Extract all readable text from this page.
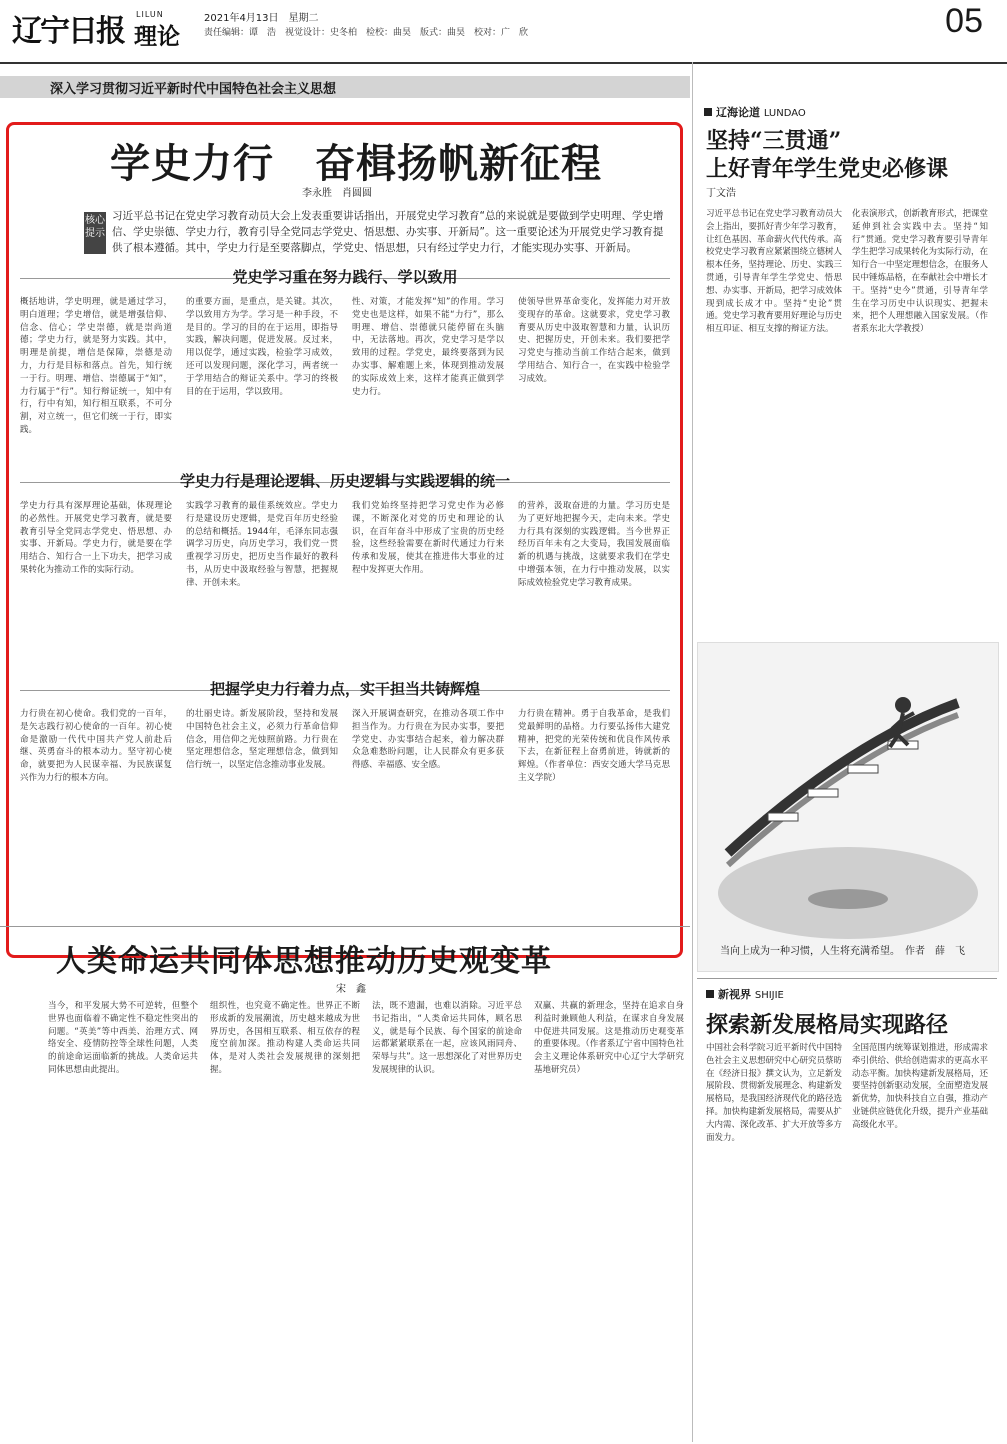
辽宁日报 LILUN
理论
2021年4月13日　星期二
责任编辑：谭　浩　视觉设计：史冬柏　检校：曲昊　版式：曲昊　校对：广　欣	05
深入学习贯彻习近平新时代中国特色社会主义思想
学史力行　奋楫扬帆新征程
李永胜　肖圆圆
核心提示
习近平总书记在党史学习教育动员大会上发表重要讲话指出，开展党史学习教育“总的来说就是要做到学史明理、学史增信、学史崇德、学史力行，教育引导全党同志学党史、悟思想、办实事、开新局”。这一重要论述为开展党史学习教育提供了根本遵循。其中，学史力行是至要落脚点，学党史、悟思想，只有经过学史力行，才能实现办实事、开新局。
党史学习重在努力践行、学以致用
概括地讲，学史明理，就是通过学习，明白道理；学史增信，就是增强信仰、信念、信心；学史崇德，就是崇尚道德；学史力行，就是努力实践。其中，明理是前提，增信是保障，崇德是动力，力行是目标和落点。首先，知行统一于行。明理、增信、崇德属于“知”，力行属于“行”。知行辩证统一，知中有行，行中有知，知行相互联系，不可分割，对立统一，但它们统一于行，即实践。
的重要方面，是重点，是关键。其次，学以致用方为学。学习是一种手段，不是目的。学习的目的在于运用，即指导实践，解决问题，促进发展。反过来，用以促学，通过实践，检验学习成效，还可以发现问题，深化学习，两者统一于学用结合的辩证关系中。学习的终极目的在于运用，学以致用。
性、对策，才能发挥“知”的作用。学习党史也是这样，如果不能“力行”，那么明理、增信、崇德就只能停留在头脑中，无法落地。再次，党史学习是学以致用的过程。学党史，最终要落到为民办实事、解难题上来，体现到推动发展的实际成效上来，这样才能真正做到学史力行。
使领导世界革命变化，发挥能力对开放变现存的革命。这就要求，党史学习教育要从历史中汲取智慧和力量，认识历史、把握历史，开创未来。我们要把学习党史与推动当前工作结合起来，做到学用结合、知行合一，在实践中检验学习成效。
学史力行是理论逻辑、历史逻辑与实践逻辑的统一
学史力行具有深厚理论基础，体现理论的必然性。开展党史学习教育，就是要教育引导全党同志学党史、悟思想、办实事、开新局。学史力行，就是要在学用结合、知行合一上下功夫，把学习成果转化为推动工作的实际行动。
实践学习教育的最佳系统效应。学史力行是建设历史逻辑，是党百年历史经验的总结和概括。1944年，毛泽东同志强调学习历史，向历史学习，我们党一贯重视学习历史，把历史当作最好的教科书，从历史中汲取经验与智慧，把握规律、开创未来。
我们党始终坚持把学习党史作为必修课，不断深化对党的历史和理论的认识，在百年奋斗中形成了宝贵的历史经验，这些经验需要在新时代通过力行来传承和发展，使其在推进伟大事业的过程中发挥更大作用。
的营养，汲取奋进的力量。学习历史是为了更好地把握今天，走向未来。学史力行具有深刻的实践逻辑。当今世界正经历百年未有之大变局，我国发展面临新的机遇与挑战，这就要求我们在学史中增强本领，在力行中推动发展，以实际成效检验党史学习教育成果。
把握学史力行着力点，实干担当共铸辉煌
力行贵在初心使命。我们党的一百年，是矢志践行初心使命的一百年。初心使命是激励一代代中国共产党人前赴后继、英勇奋斗的根本动力。坚守初心使命，就要把为人民谋幸福、为民族谋复兴作为力行的根本方向。
的壮丽史诗。新发展阶段，坚持和发展中国特色社会主义，必须力行革命信仰信念，用信仰之光烛照前路。力行贵在坚定理想信念，坚定理想信念，做到知信行统一，以坚定信念推动事业发展。
深入开展调查研究，在推动各项工作中担当作为。力行贵在为民办实事，要把学党史、办实事结合起来，着力解决群众急难愁盼问题，让人民群众有更多获得感、幸福感、安全感。
力行贵在精神。勇于自我革命，是我们党最鲜明的品格。力行要弘扬伟大建党精神，把党的光荣传统和优良作风传承下去，在新征程上奋勇前进，铸就新的辉煌。（作者单位：西安交通大学马克思主义学院）
辽海论道 LUNDAO
坚持“三贯通”
上好青年学生党史必修课
丁文浩
习近平总书记在党史学习教育动员大会上指出，要抓好青少年学习教育，让红色基因、革命薪火代代传承。高校党史学习教育应紧紧围绕立德树人根本任务，坚持理论、历史、实践三贯通，引导青年学生学党史、悟思想、办实事、开新局，把学习成效体现到成长成才中。坚持“史论”贯通。党史学习教育要用好理论与历史相互印证、相互支撑的辩证方法。
化表演形式，创新教育形式，把课堂延伸到社会实践中去。坚持“知行”贯通。党史学习教育要引导青年学生把学习成果转化为实际行动，在知行合一中坚定理想信念，在服务人民中锤炼品格，在奉献社会中增长才干。坚持“史今”贯通，引导青年学生在学习历史中认识现实、把握未来，把个人理想融入国家发展。（作者系东北大学教授）
当向上成为一种习惯，人生将充满希望。　作者　薛　飞
人类命运共同体思想推动历史观变革
宋　鑫
当今，和平发展大势不可逆转，但整个世界也面临着不确定性不稳定性突出的问题。“英美”等中西美、治理方式、网络安全、疫情防控等全球性问题，人类的前途命运面临新的挑战。人类命运共同体思想由此提出。
组织性，也究竟不确定性。世界正不断形成新的发展潮流，历史越来越成为世界历史，各国相互联系、相互依存的程度空前加深。推动构建人类命运共同体，是对人类社会发展规律的深刻把握。
法，既不遗漏，也难以消除。习近平总书记指出，“人类命运共同体，顾名思义，就是每个民族、每个国家的前途命运都紧紧联系在一起，应该风雨同舟、荣辱与共”。这一思想深化了对世界历史发展规律的认识。
双赢、共赢的新理念，坚持在追求自身利益时兼顾他人利益，在谋求自身发展中促进共同发展。这是推动历史观变革的重要体现。（作者系辽宁省中国特色社会主义理论体系研究中心辽宁大学研究基地研究员）
新视界 SHIJIE
探索新发展格局实现路径
中国社会科学院习近平新时代中国特色社会主义思想研究中心研究员蔡昉在《经济日报》撰文认为，立足新发展阶段、贯彻新发展理念、构建新发展格局，是我国经济现代化的路径选择。加快构建新发展格局，需要从扩大内需、深化改革、扩大开放等多方面发力。
全国范围内统筹谋划推进，形成需求牵引供给、供给创造需求的更高水平动态平衡。加快构建新发展格局，还要坚持创新驱动发展，全面塑造发展新优势，加快科技自立自强，推动产业链供应链优化升级，提升产业基础高级化水平。
